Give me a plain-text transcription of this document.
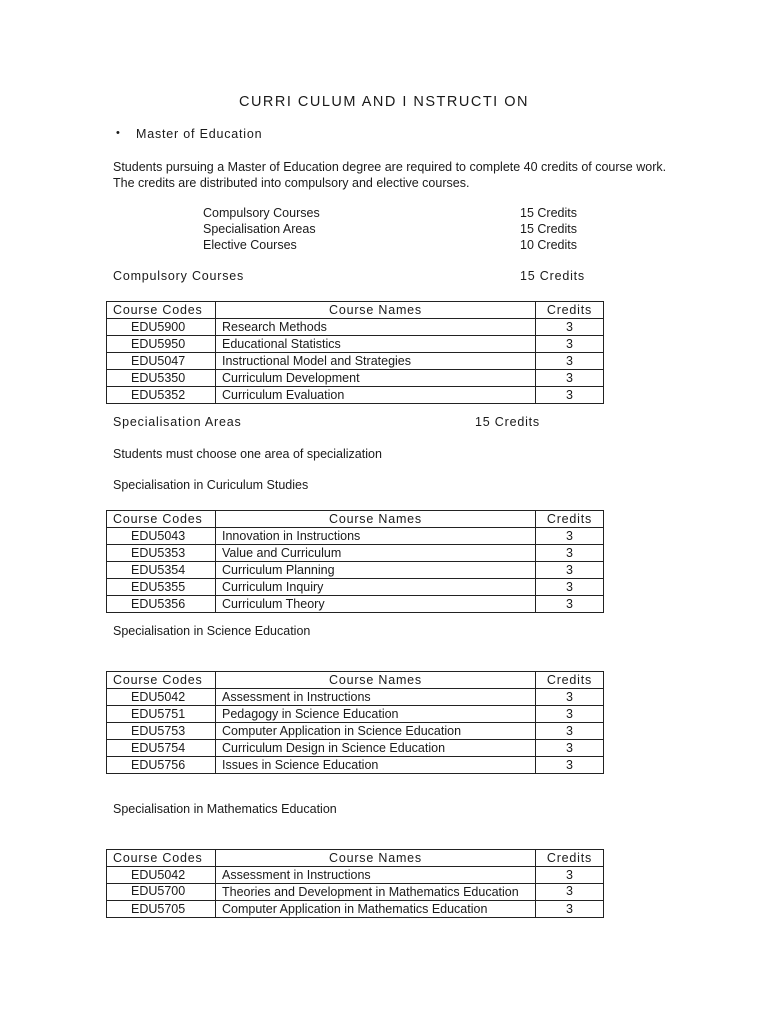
CURRI CULUM AND I NSTRUCTI ON
• Master of Education
Students pursuing a Master of Education degree are required to complete 40 credits of course work. The credits are distributed into compulsory and elective courses.
Compulsory Courses	15 Credits
Specialisation Areas	15 Credits
Elective Courses	10 Credits
Compulsory Courses	15 Credits
Course Codes	Course Names	Credits
EDU5900	Research Methods	3
EDU5950	Educational Statistics	3
EDU5047	Instructional Model and Strategies	3
EDU5350	Curriculum Development	3
EDU5352	Curriculum Evaluation	3
Specialisation Areas	15 Credits
Students must choose one area of specialization
Specialisation in Curiculum Studies
Course Codes	Course Names	Credits
EDU5043	Innovation in Instructions	3
EDU5353	Value and Curriculum	3
EDU5354	Curriculum Planning	3
EDU5355	Curriculum Inquiry	3
EDU5356	Curriculum Theory	3
Specialisation in Science Education
Course Codes	Course Names	Credits
EDU5042	Assessment in Instructions	3
EDU5751	Pedagogy in Science Education	3
EDU5753	Computer Application in Science Education	3
EDU5754	Curriculum Design in Science Education	3
EDU5756	Issues in Science Education	3
Specialisation in Mathematics Education
Course Codes	Course Names	Credits
EDU5042	Assessment in Instructions	3
EDU5700	Theories and Development in Mathematics Education	3
EDU5705	Computer Application in Mathematics Education	3
